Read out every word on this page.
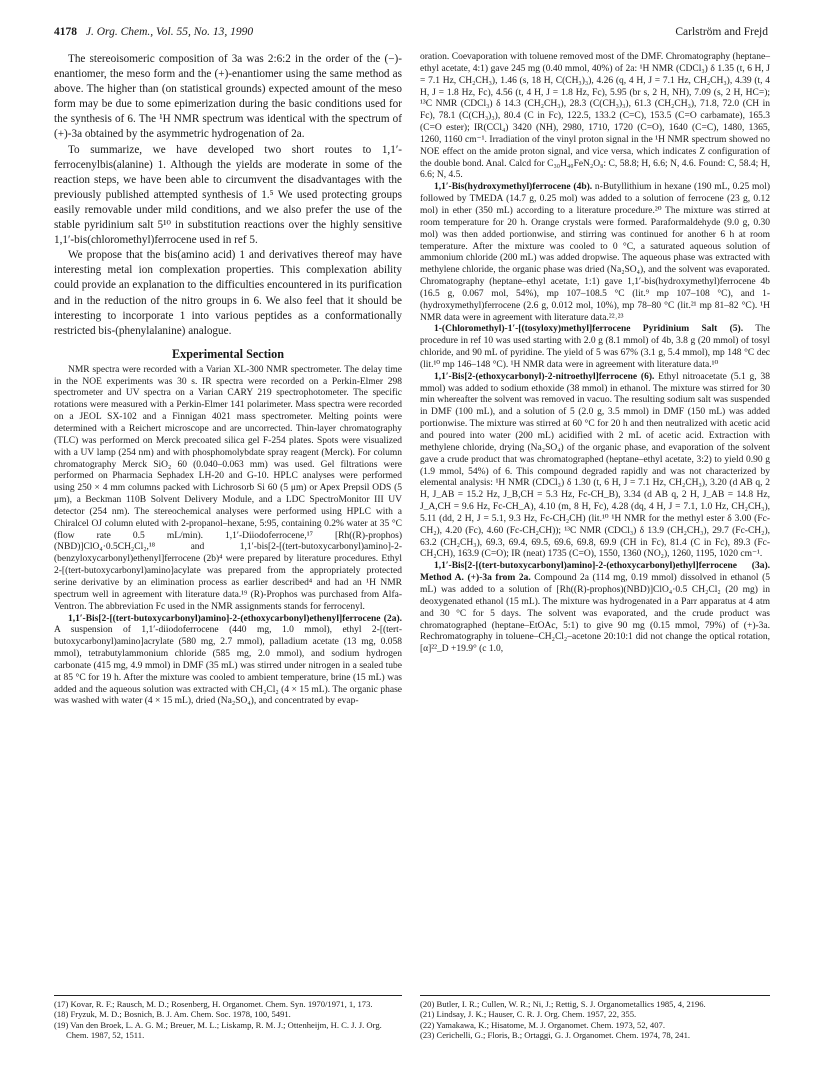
4178 J. Org. Chem., Vol. 55, No. 13, 1990	Carlström and Frejd

The stereoisomeric composition of 3a was 2:6:2 in the order of the (−)-enantiomer, the meso form and the (+)-enantiomer using the same method as above. The higher than (on statistical grounds) expected amount of the meso form may be due to some epimerization during the basic conditions used for the synthesis of 6. The ¹H NMR spectrum was identical with the spectrum of (+)-3a obtained by the asymmetric hydrogenation of 2a.

To summarize, we have developed two short routes to 1,1′-ferrocenylbis(alanine) 1. Although the yields are moderate in some of the reaction steps, we have been able to circumvent the disadvantages with the previously published attempted synthesis of 1.⁵ We used protecting groups easily removable under mild conditions, and we also prefer the use of the stable pyridinium salt 5¹⁰ in substitution reactions over the highly sensitive 1,1′-bis(chloromethyl)ferrocene used in ref 5.

We propose that the bis(amino acid) 1 and derivatives thereof may have interesting metal ion complexation properties. This complexation ability could provide an explanation to the difficulties encountered in its purification and in the reduction of the nitro groups in 6. We also feel that it should be interesting to incorporate 1 into various peptides as a conformationally restricted bis-(phenylalanine) analogue.

Experimental Section

NMR spectra were recorded with a Varian XL-300 NMR spectrometer. The delay time in the NOE experiments was 30 s. IR spectra were recorded on a Perkin-Elmer 298 spectrometer and UV spectra on a Varian CARY 219 spectrophotometer. The specific rotations were measured with a Perkin-Elmer 141 polarimeter. Mass spectra were recorded on a JEOL SX-102 and a Finnigan 4021 mass spectrometer. Melting points were determined with a Reichert microscope and are uncorrected. Thin-layer chromatography (TLC) was performed on Merck precoated silica gel F-254 plates. Spots were visualized with a UV lamp (254 nm) and with phosphomolybdate spray reagent (Merck). For column chromatography Merck SiO₂ 60 (0.040–0.063 mm) was used. Gel filtrations were performed on Pharmacia Sephadex LH-20 and G-10. HPLC analyses were performed using 250 × 4 mm columns packed with Lichrosorb Si 60 (5 μm) or Apex Prepsil ODS (5 μm), a Beckman 110B Solvent Delivery Module, and a LDC SpectroMonitor III UV detector (254 nm). The stereochemical analyses were performed using HPLC with a Chiralcel OJ column eluted with 2-propanol–hexane, 5:95, containing 0.2% water at 35 °C (flow rate 0.5 mL/min). 1,1′-Diiodoferrocene,¹⁷ [Rh((R)-prophos)(NBD)]ClO₄·0.5CH₂Cl₂,¹⁸ and 1,1′-bis[2-[(tert-butoxycarbonyl)amino]-2-(benzyloxycarbonyl)ethenyl]ferrocene (2b)⁴ were prepared by literature procedures. Ethyl 2-[(tert-butoxycarbonyl)amino]acylate was prepared from the appropriately protected serine derivative by an elimination process as earlier described⁴ and had an ¹H NMR spectrum well in agreement with literature data.¹⁹ (R)-Prophos was purchased from Alfa-Ventron. The abbreviation Fc used in the NMR assignments stands for ferrocenyl.

1,1′-Bis[2-[(tert-butoxycarbonyl)amino]-2-(ethoxycarbonyl)ethenyl]ferrocene (2a). A suspension of 1,1′-diiodoferrocene (440 mg, 1.0 mmol), ethyl 2-[(tert-butoxycarbonyl)amino]acrylate (580 mg, 2.7 mmol), palladium acetate (13 mg, 0.058 mmol), tetrabutylammonium chloride (585 mg, 2.0 mmol), and sodium hydrogen carbonate (415 mg, 4.9 mmol) in DMF (35 mL) was stirred under nitrogen in a sealed tube at 85 °C for 19 h. After the mixture was cooled to ambient temperature, brine (15 mL) was added and the aqueous solution was extracted with CH₂Cl₂ (4 × 15 mL). The organic phase was washed with water (4 × 15 mL), dried (Na₂SO₄), and concentrated by evap-

oration. Coevaporation with toluene removed most of the DMF. Chromatography (heptane–ethyl acetate, 4:1) gave 245 mg (0.40 mmol, 40%) of 2a: ¹H NMR (CDCl₃) δ 1.35 (t, 6 H, J = 7.1 Hz, CH₂CH₃), 1.46 (s, 18 H, C(CH₃)₃), 4.26 (q, 4 H, J = 7.1 Hz, CH₂CH₃), 4.39 (t, 4 H, J = 1.8 Hz, Fc), 4.56 (t, 4 H, J = 1.8 Hz, Fc), 5.95 (br s, 2 H, NH), 7.09 (s, 2 H, HC=); ¹³C NMR (CDCl₃) δ 14.3 (CH₂CH₃), 28.3 (C(CH₃)₃), 61.3 (CH₂CH₃), 71.8, 72.0 (CH in Fc), 78.1 (C(CH₃)₃), 80.4 (C in Fc), 122.5, 133.2 (C=C), 153.5 (C=O carbamate), 165.3 (C=O ester); IR(CCl₄) 3420 (NH), 2980, 1710, 1720 (C=O), 1640 (C=C), 1480, 1365, 1260, 1160 cm⁻¹. Irradiation of the vinyl proton signal in the ¹H NMR spectrum showed no NOE effect on the amide proton signal, and vice versa, which indicates Z configuration of the double bond. Anal. Calcd for C₃₀H₄₀FeN₂O₈: C, 58.8; H, 6.6; N, 4.6. Found: C, 58.4; H, 6.6; N, 4.5.

1,1′-Bis(hydroxymethyl)ferrocene (4b). n-Butyllithium in hexane (190 mL, 0.25 mol) followed by TMEDA (14.7 g, 0.25 mol) was added to a solution of ferrocene (23 g, 0.12 mol) in ether (350 mL) according to a literature procedure.²⁰ The mixture was stirred at room temperature for 20 h. Orange crystals were formed. Paraformaldehyde (9.0 g, 0.30 mol) was then added portionwise, and stirring was continued for another 6 h at room temperature. After the mixture was cooled to 0 °C, a saturated aqueous solution of ammonium chloride (200 mL) was added dropwise. The aqueous phase was extracted with methylene chloride, the organic phase was dried (Na₂SO₄), and the solvent was evaporated. Chromatography (heptane–ethyl acetate, 1:1) gave 1,1′-bis(hydroxymethyl)ferrocene 4b (16.5 g, 0.067 mol, 54%), mp 107–108.5 °C (lit.⁹ mp 107–108 °C), and 1-(hydroxymethyl)ferrocene (2.6 g, 0.012 mol, 10%), mp 78–80 °C (lit.²¹ mp 81–82 °C). ¹H NMR data were in agreement with literature data.²²˒²³

1-(Chloromethyl)-1′-[(tosyloxy)methyl]ferrocene Pyridinium Salt (5). The procedure in ref 10 was used starting with 2.0 g (8.1 mmol) of 4b, 3.8 g (20 mmol) of tosyl chloride, and 90 mL of pyridine. The yield of 5 was 67% (3.1 g, 5.4 mmol), mp 148 °C dec (lit.¹⁰ mp 146–148 °C). ¹H NMR data were in agreement with literature data.¹⁰

1,1′-Bis[2-(ethoxycarbonyl)-2-nitroethyl]ferrocene (6). Ethyl nitroacetate (5.1 g, 38 mmol) was added to sodium ethoxide (38 mmol) in ethanol. The mixture was stirred for 30 min whereafter the solvent was removed in vacuo. The resulting sodium salt was suspended in DMF (100 mL), and a solution of 5 (2.0 g, 3.5 mmol) in DMF (150 mL) was added portionwise. The mixture was stirred at 60 °C for 20 h and then neutralized with acetic acid and poured into water (200 mL) acidified with 2 mL of acetic acid. Extraction with methylene chloride, drying (Na₂SO₄) of the organic phase, and evaporation of the solvent gave a crude product that was chromatographed (heptane–ethyl acetate, 3:2) to yield 0.90 g (1.9 mmol, 54%) of 6. This compound degraded rapidly and was not characterized by elemental analysis: ¹H NMR (CDCl₃) δ 1.30 (t, 6 H, J = 7.1 Hz, CH₂CH₃), 3.20 (d AB q, 2 H, J_AB = 15.2 Hz, J_B,CH = 5.3 Hz, Fc-CH_B), 3.34 (d AB q, 2 H, J_AB = 14.8 Hz, J_A,CH = 9.6 Hz, Fc-CH_A), 4.10 (m, 8 H, Fc), 4.28 (dq, 4 H, J = 7.1, 1.0 Hz, CH₂CH₃), 5.11 (dd, 2 H, J = 5.1, 9.3 Hz, Fc-CH₂CH) (lit.¹⁰ ¹H NMR for the methyl ester δ 3.00 (Fc-CH₂), 4.20 (Fc), 4.60 (Fc-CH₂CH)); ¹³C NMR (CDCl₃) δ 13.9 (CH₂CH₃), 29.7 (Fc-CH₂), 63.2 (CH₂CH₃), 69.3, 69.4, 69.5, 69.6, 69.8, 69.9 (CH in Fc), 81.4 (C in Fc), 89.3 (Fc-CH₂CH), 163.9 (C=O); IR (neat) 1735 (C=O), 1550, 1360 (NO₂), 1260, 1195, 1020 cm⁻¹.

1,1′-Bis[2-[(tert-butoxycarbonyl)amino]-2-(ethoxycarbonyl)ethyl]ferrocene (3a). Method A. (+)-3a from 2a. Compound 2a (114 mg, 0.19 mmol) dissolved in ethanol (5 mL) was added to a solution of [Rh((R)-prophos)(NBD)]ClO₄·0.5 CH₂Cl₂ (20 mg) in deoxygenated ethanol (15 mL). The mixture was hydrogenated in a Parr apparatus at 4 atm and 30 °C for 5 days. The solvent was evaporated, and the crude product was chromatographed (heptane–EtOAc, 5:1) to give 90 mg (0.15 mmol, 79%) of (+)-3a. Rechromatography in toluene–CH₂Cl₂–acetone 20:10:1 did not change the optical rotation, [α]²²_D +19.9° (c 1.0,

(17) Kovar, R. F.; Rausch, M. D.; Rosenberg, H. Organomet. Chem. Syn. 1970/1971, 1, 173.

(18) Fryzuk, M. D.; Bosnich, B. J. Am. Chem. Soc. 1978, 100, 5491.

(19) Van den Broek, L. A. G. M.; Breuer, M. L.; Liskamp, R. M. J.; Ottenheijm, H. C. J. J. Org. Chem. 1987, 52, 1511.

(20) Butler, I. R.; Cullen, W. R.; Ni, J.; Rettig, S. J. Organometallics 1985, 4, 2196.

(21) Lindsay, J. K.; Hauser, C. R. J. Org. Chem. 1957, 22, 355.

(22) Yamakawa, K.; Hisatome, M. J. Organomet. Chem. 1973, 52, 407.

(23) Cerichelli, G.; Floris, B.; Ortaggi, G. J. Organomet. Chem. 1974, 78, 241.
